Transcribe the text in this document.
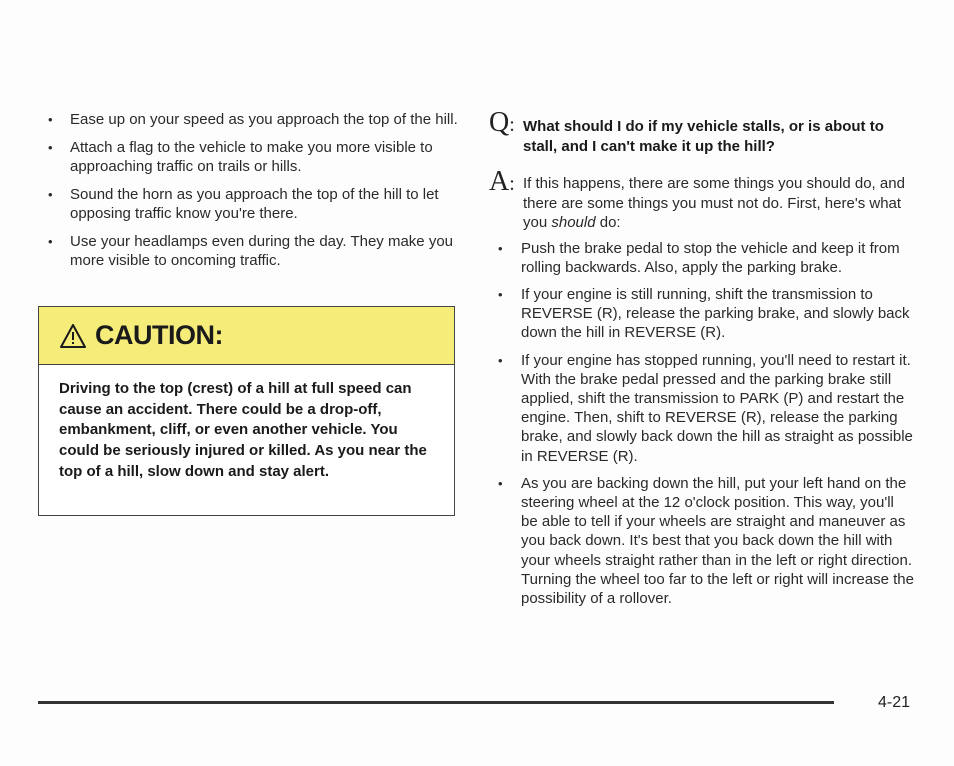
• Ease up on your speed as you approach the top of the hill.
• Attach a flag to the vehicle to make you more visible to approaching traffic on trails or hills.
• Sound the horn as you approach the top of the hill to let opposing traffic know you're there.
• Use your headlamps even during the day. They make you more visible to oncoming traffic.
CAUTION:
Driving to the top (crest) of a hill at full speed can cause an accident. There could be a drop-off, embankment, cliff, or even another vehicle. You could be seriously injured or killed. As you near the top of a hill, slow down and stay alert.
Q: What should I do if my vehicle stalls, or is about to stall, and I can't make it up the hill?
A: If this happens, there are some things you should do, and there are some things you must not do. First, here's what you should do:
• Push the brake pedal to stop the vehicle and keep it from rolling backwards. Also, apply the parking brake.
• If your engine is still running, shift the transmission to REVERSE (R), release the parking brake, and slowly back down the hill in REVERSE (R).
• If your engine has stopped running, you'll need to restart it. With the brake pedal pressed and the parking brake still applied, shift the transmission to PARK (P) and restart the engine. Then, shift to REVERSE (R), release the parking brake, and slowly back down the hill as straight as possible in REVERSE (R).
• As you are backing down the hill, put your left hand on the steering wheel at the 12 o'clock position. This way, you'll be able to tell if your wheels are straight and maneuver as you back down. It's best that you back down the hill with your wheels straight rather than in the left or right direction. Turning the wheel too far to the left or right will increase the possibility of a rollover.
4-21
